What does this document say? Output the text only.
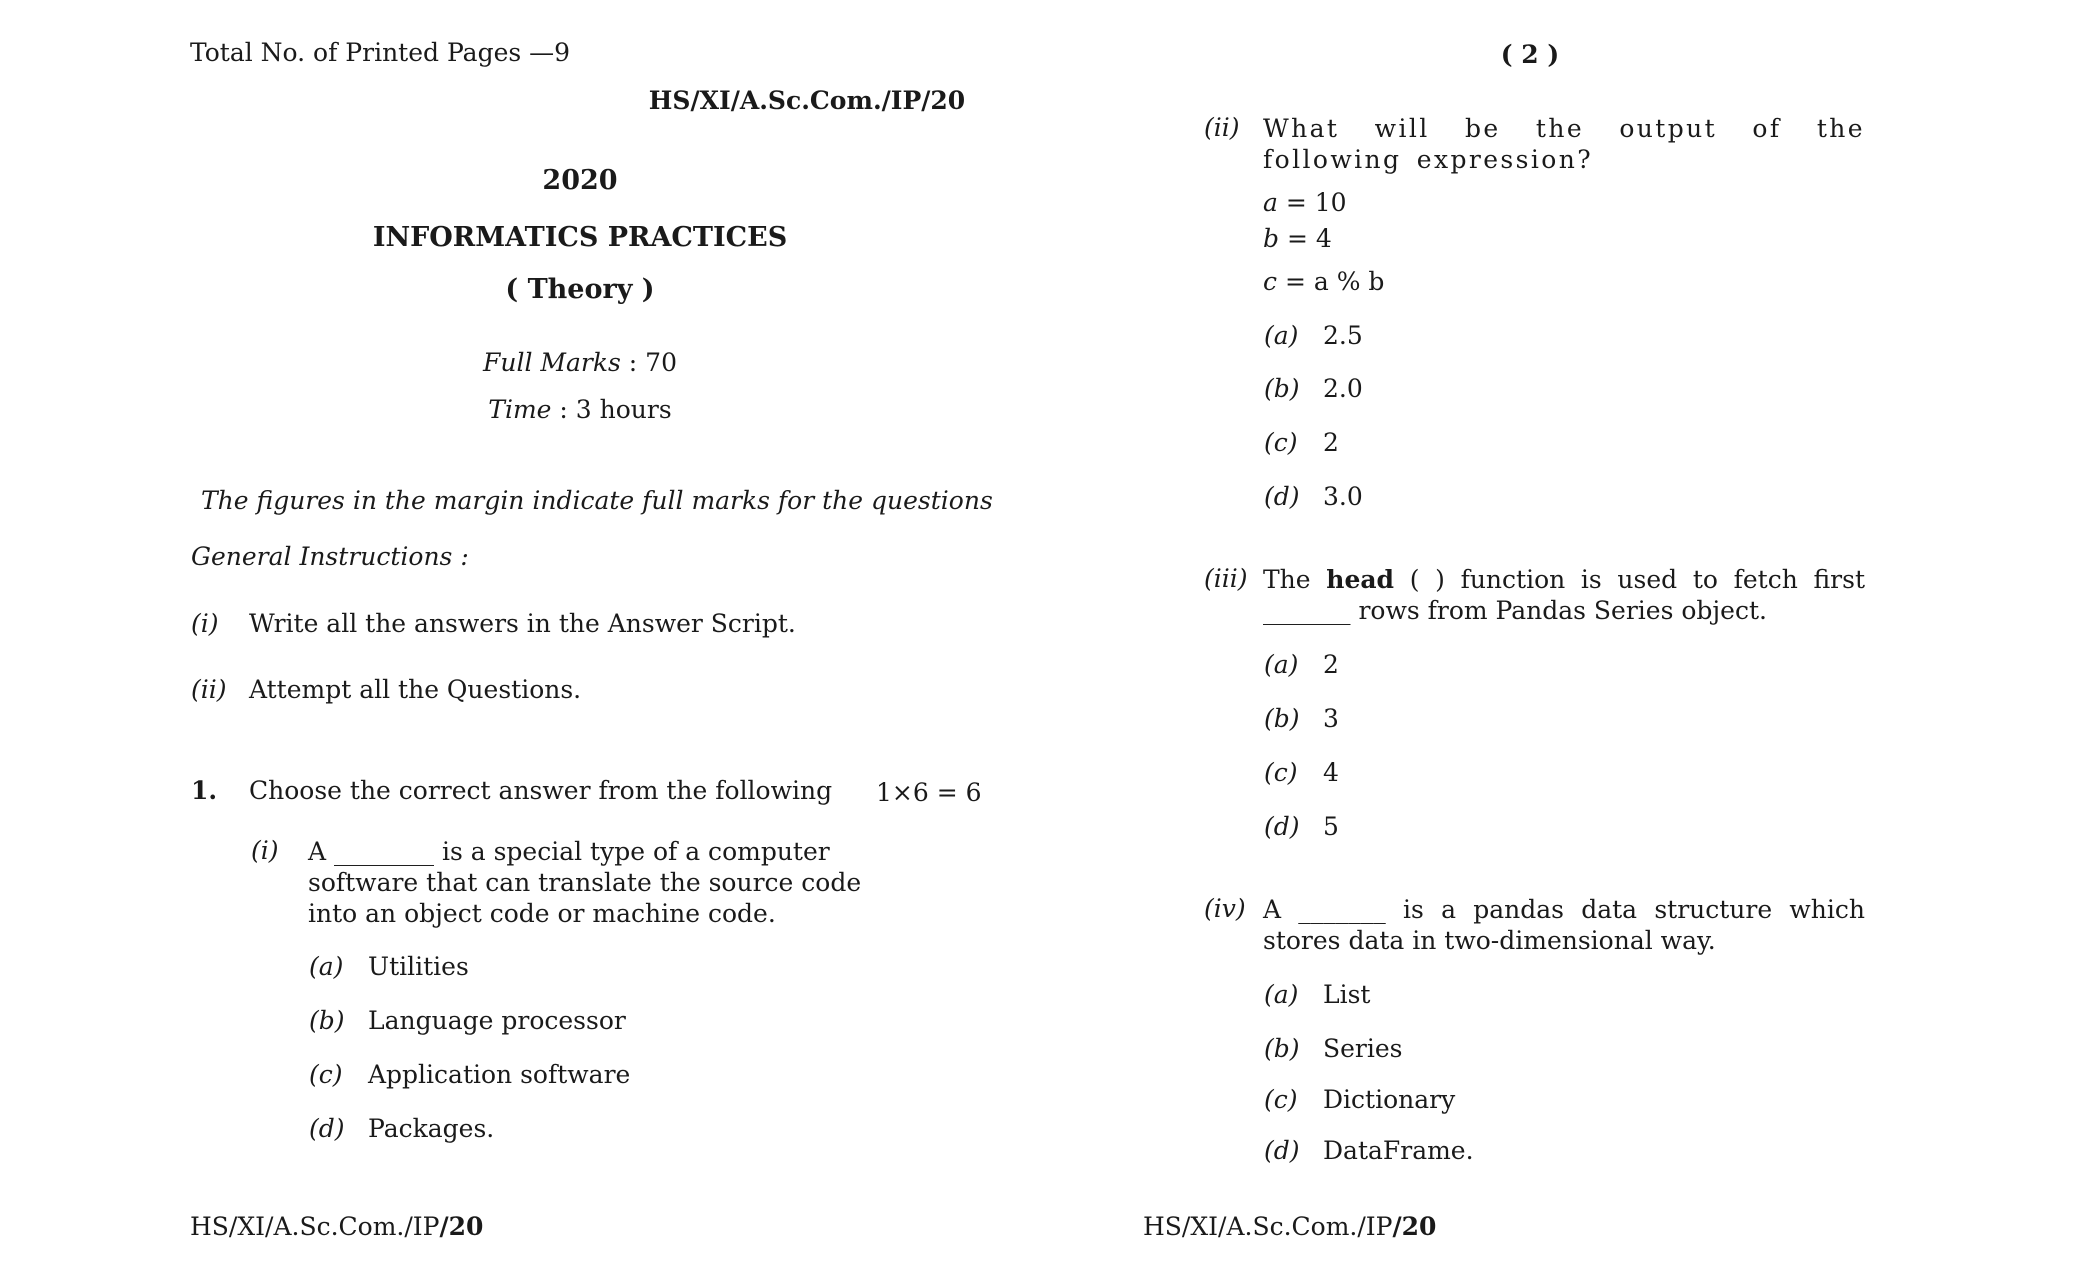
Total No. of Printed Pages —9
HS/XI/A.Sc.Com./IP/20
2020
INFORMATICS PRACTICES
( Theory )
Full Marks : 70
Time : 3 hours
The figures in the margin indicate full marks for the questions
General Instructions :
(i) Write all the answers in the Answer Script.
(ii) Attempt all the Questions.
1. Choose the correct answer from the following 1×6 = 6
(i) A ________ is a special type of a computer software that can translate the source code into an object code or machine code.
(a) Utilities
(b) Language processor
(c) Application software
(d) Packages.
HS/XI/A.Sc.Com./IP/20
( 2 )
(ii) What will be the output of the following expression?
a = 10
b = 4
c = a % b
(a) 2.5
(b) 2.0
(c) 2
(d) 3.0
(iii) The head ( ) function is used to fetch first _______ rows from Pandas Series object.
(a) 2
(b) 3
(c) 4
(d) 5
(iv) A _______ is a pandas data structure which stores data in two-dimensional way.
(a) List
(b) Series
(c) Dictionary
(d) DataFrame.
HS/XI/A.Sc.Com./IP/20
